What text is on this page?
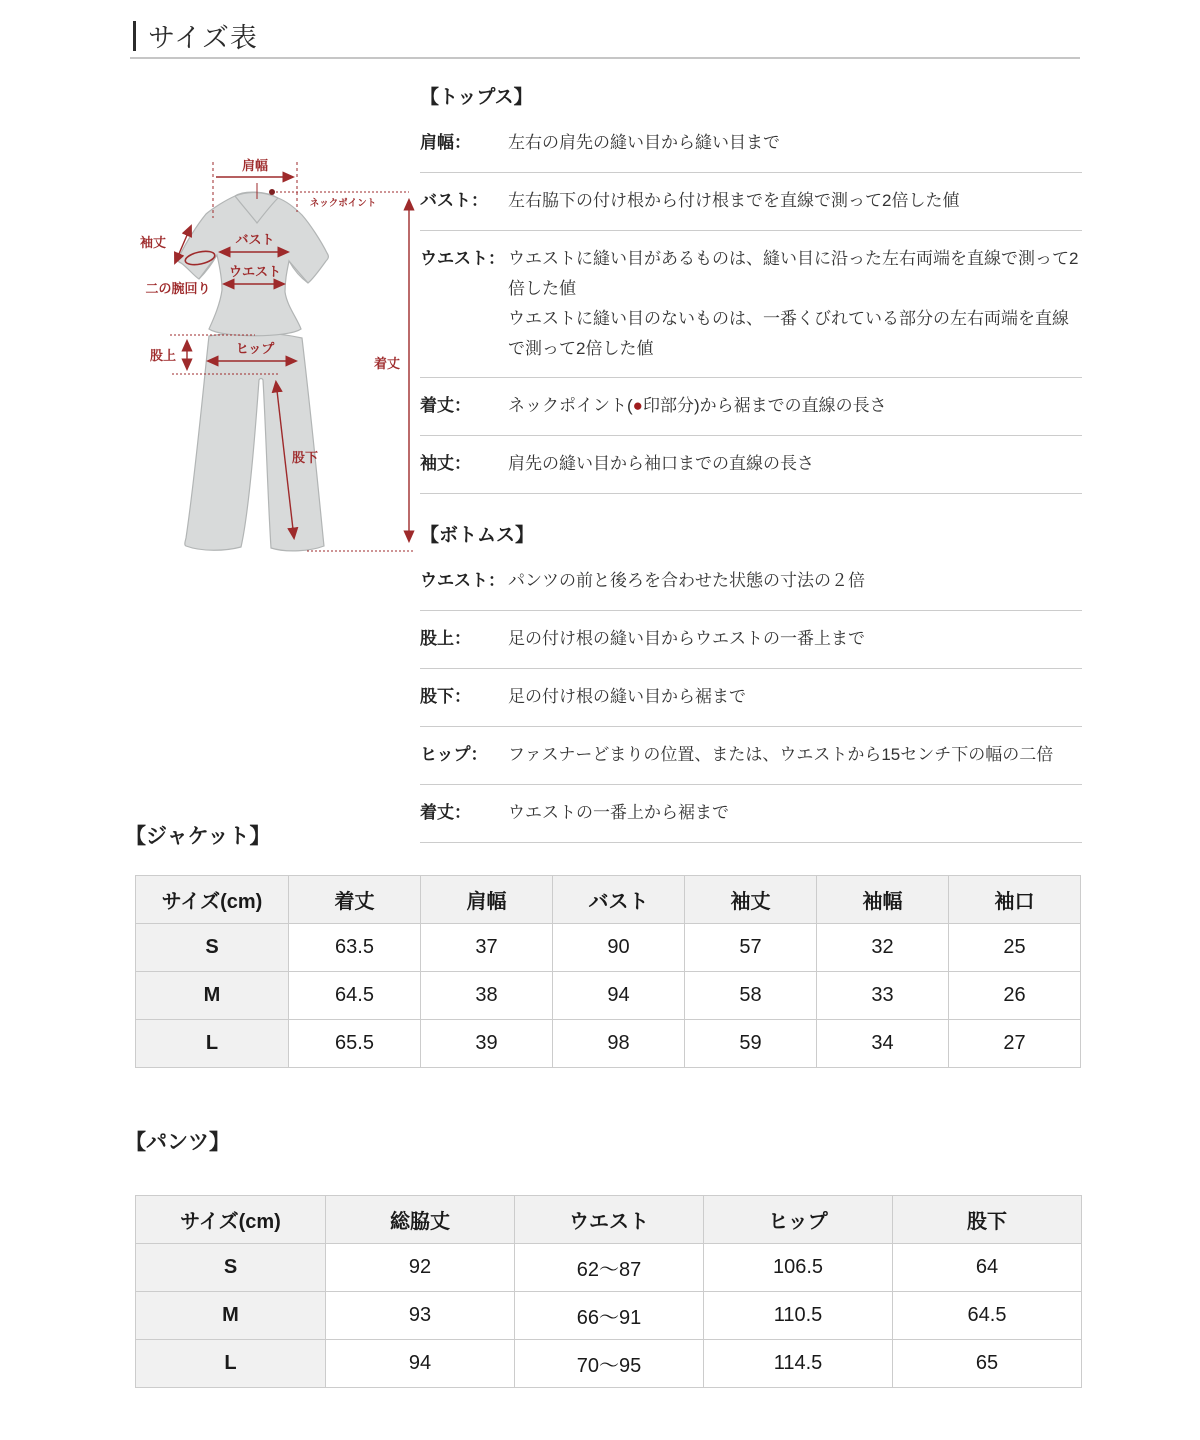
サイズ表
肩幅
ネックポイント
袖丈
二の腕回り
バスト
ウエスト
股上	ヒップ
股下
着丈
【トップス】
肩幅：	左右の肩先の縫い目から縫い目まで
バスト：	左右脇下の付け根から付け根までを直線で測って2倍した値
ウエスト： ウエストに縫い目があるものは、縫い目に沿った左右両端を直線で測って2倍した値
ウエストに縫い目のないものは、一番くびれている部分の左右両端を直線で測って2倍した値
着丈：	ネックポイント(●印部分)から裾までの直線の長さ
袖丈：	肩先の縫い目から袖口までの直線の長さ
【ボトムス】
ウエスト： パンツの前と後ろを合わせた状態の寸法の２倍
股上：	足の付け根の縫い目からウエストの一番上まで
股下：	足の付け根の縫い目から裾まで
ヒップ：	ファスナーどまりの位置、または、ウエストから15センチ下の幅の二倍
着丈：	ウエストの一番上から裾まで
【ジャケット】
サイズ(cm)	着丈	肩幅	バスト	袖丈	袖幅	袖口
S	63.5	37	90	57	32	25
M	64.5	38	94	58	33	26
L	65.5	39	98	59	34	27
【パンツ】
サイズ(cm)	総脇丈	ウエスト	ヒップ	股下
S	92	62～87	106.5	64
M	93	66～91	110.5	64.5
L	94	70～95	114.5	65
